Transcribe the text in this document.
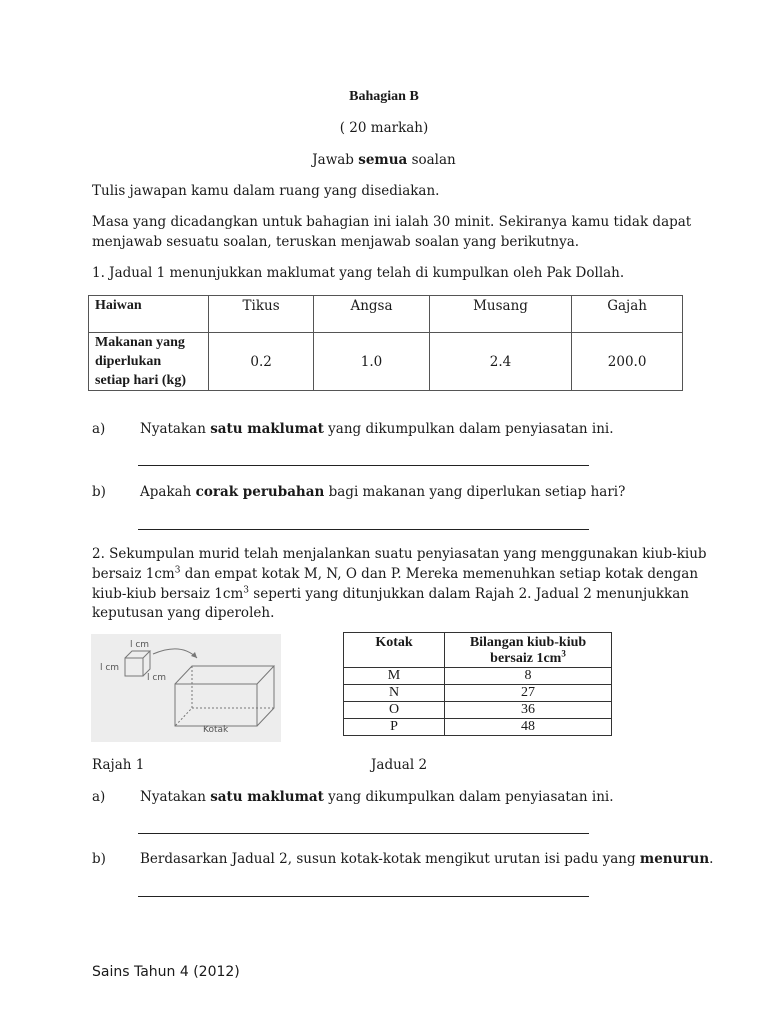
Bahagian B
( 20 markah)
Jawab semua soalan
Tulis jawapan kamu dalam ruang yang disediakan.
Masa yang dicadangkan untuk bahagian ini ialah 30 minit. Sekiranya kamu tidak dapat
menjawab sesuatu soalan, teruskan menjawab soalan yang berikutnya.
1. Jadual 1 menunjukkan maklumat yang telah di kumpulkan oleh Pak Dollah.
Haiwan	Tikus	Angsa	Musang	Gajah

Makanan yang
diperlukan
setiap hari (kg)	0.2	1.0	2.4	200.0
a)	Nyatakan satu maklumat yang dikumpulkan dalam penyiasatan ini.
b)	Apakah corak perubahan bagi makanan yang diperlukan setiap hari?
2. Sekumpulan murid telah menjalankan suatu penyiasatan yang menggunakan kiub-kiub
bersaiz $1cm^3$ dan empat kotak M, N, O dan P. Mereka memenuhkan setiap kotak dengan
kiub-kiub bersaiz $1cm^3$ seperti yang ditunjukkan dalam Rajah 2. Jadual 2 menunjukkan
keputusan yang diperoleh.
l cm
l cm
l cm
Kotak
Kotak	Bilangan kiub-kiub
bersaiz $1cm^3$

M	8
N	27
O	36
P	48
Rajah 1	Jadual 2
a)	Nyatakan satu maklumat yang dikumpulkan dalam penyiasatan ini.
b)	Berdasarkan Jadual 2, susun kotak-kotak mengikut urutan isi padu yang menurun.
Sains Tahun 4 (2012)
